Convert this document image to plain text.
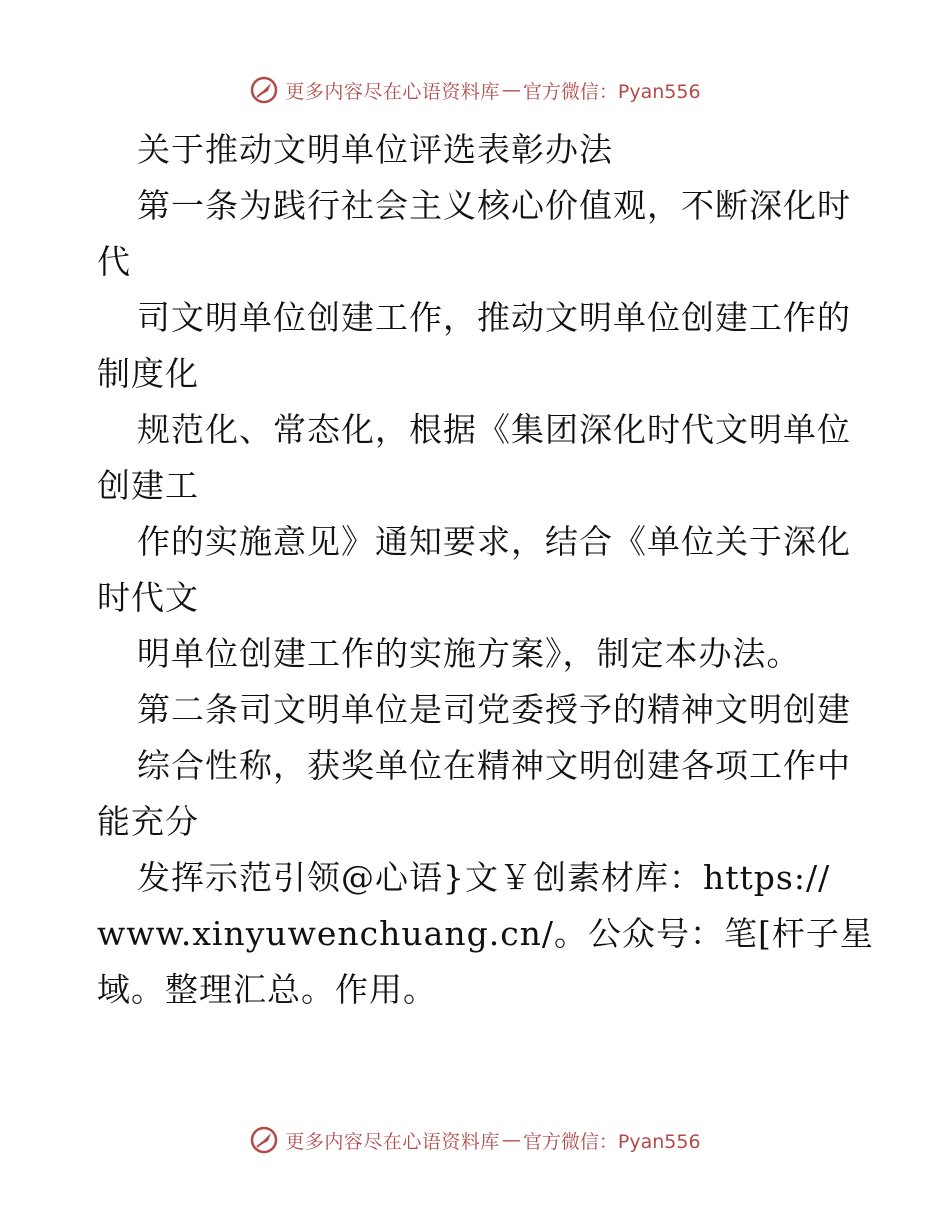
更多内容尽在心语资料库 — 官方微信：Pyan556
关于推动文明单位评选表彰办法
第一条为践行社会主义核心价值观，不断深化时
代
司文明单位创建工作，推动文明单位创建工作的
制度化
规范化、常态化，根据《集团深化时代文明单位
创建工
作的实施意见》通知要求，结合《单位关于深化
时代文
明单位创建工作的实施方案》，制定本办法。
第二条司文明单位是司党委授予的精神文明创建
综合性称，获奖单位在精神文明创建各项工作中
能充分
发挥示范引领@心语}文￥创素材库：https://
www.xinyuwenchuang.cn/。公众号：笔[杆子星
域。整理汇总。作用。
更多内容尽在心语资料库 — 官方微信：Pyan556
